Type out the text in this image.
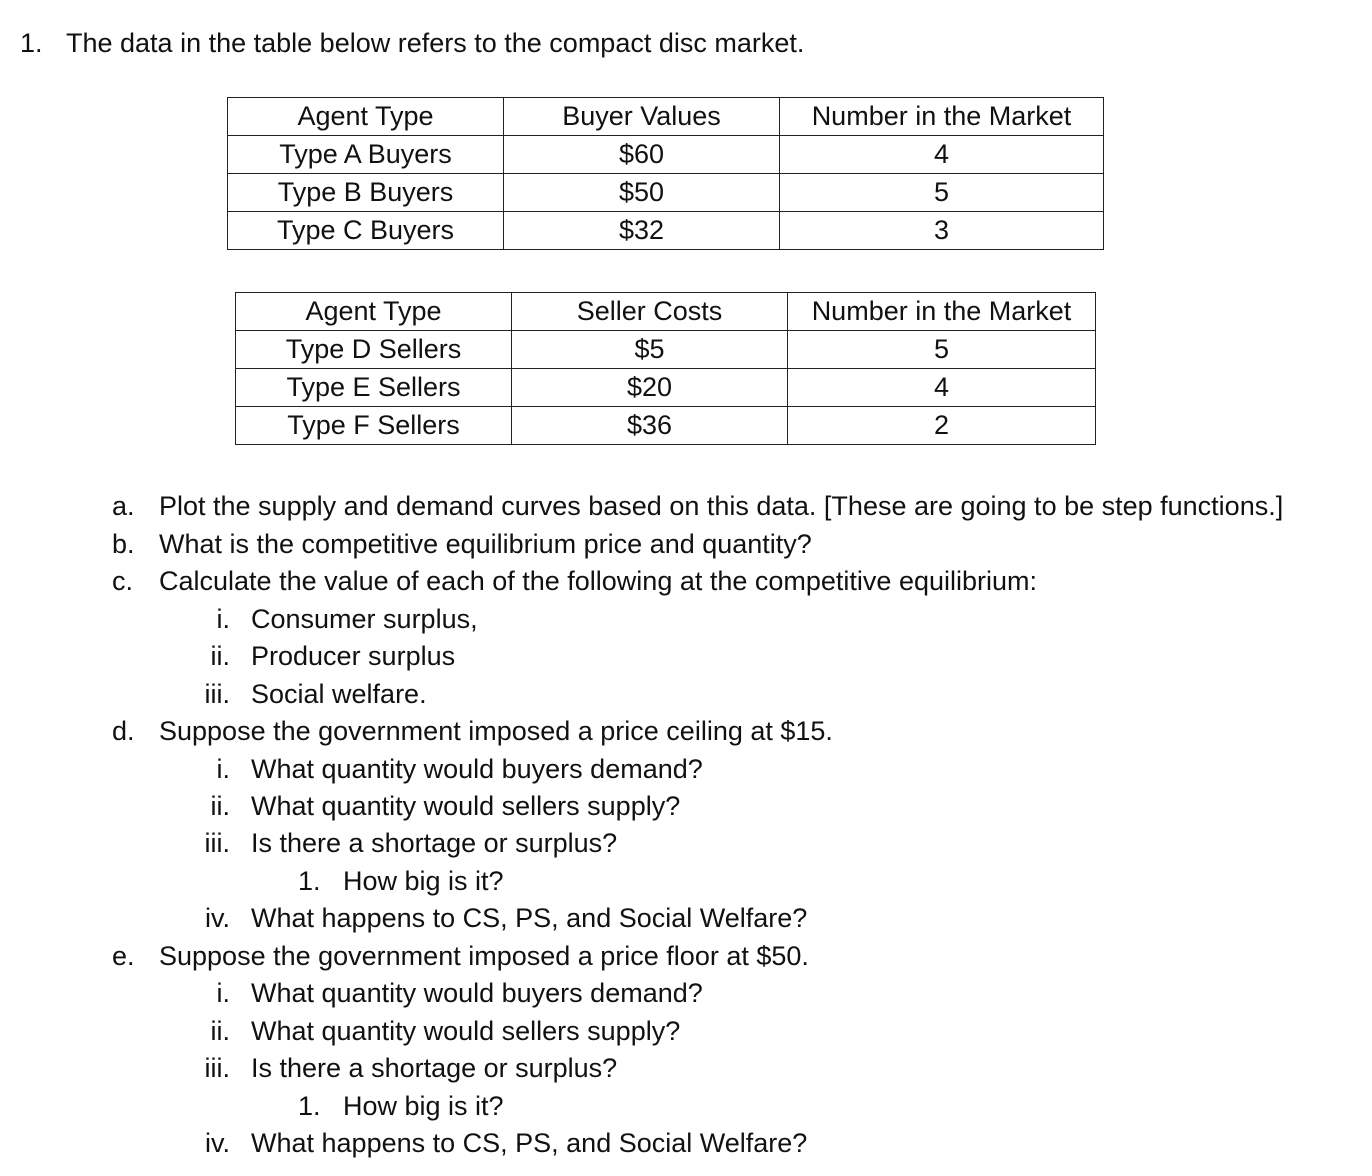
1. The data in the table below refers to the compact disc market.
Agent Type	Buyer Values	Number in the Market
Type A Buyers	$60	4
Type B Buyers	$50	5
Type C Buyers	$32	3
Agent Type	Seller Costs	Number in the Market
Type D Sellers	$5	5
Type E Sellers	$20	4
Type F Sellers	$36	2
a. Plot the supply and demand curves based on this data. [These are going to be step functions.]
b. What is the competitive equilibrium price and quantity?
c. Calculate the value of each of the following at the competitive equilibrium:
i. Consumer surplus,
ii. Producer surplus
iii. Social welfare.
d. Suppose the government imposed a price ceiling at $15.
i. What quantity would buyers demand?
ii. What quantity would sellers supply?
iii. Is there a shortage or surplus?
1. How big is it?
iv. What happens to CS, PS, and Social Welfare?
e. Suppose the government imposed a price floor at $50.
i. What quantity would buyers demand?
ii. What quantity would sellers supply?
iii. Is there a shortage or surplus?
1. How big is it?
iv. What happens to CS, PS, and Social Welfare?
